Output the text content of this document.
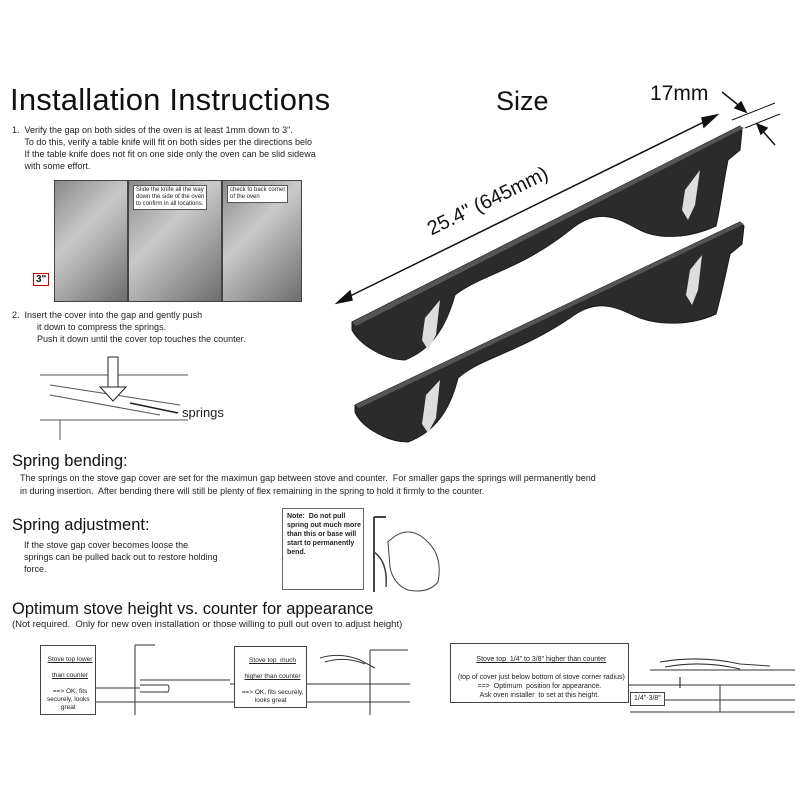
Installation Instructions	Size	17mm
25.4" (645mm)
1.  Verify the gap on both sides of the oven is at least 1mm down to 3".
To do this, verify a table knife will fit on both sides per the directions belo
If the table knife does not fit on one side only the oven can be slid sidewa
with some effort.
3"
Slide the knife all the way
down the side of the oven
to confirm in all locations.
check to back corner
of the oven
2.  Insert the cover into the gap and gently push
it down to compress the springs.
Push it down until the cover top touches the counter.
springs
Spring bending:
The springs on the stove gap cover are set for the maximun gap between stove and counter.  For smaller gaps the springs will permanently bend
in during insertion.  After bending there will still be plenty of flex remaining in the spring to hold it firmly to the counter.
Spring adjustment:
If the stove gap cover becomes loose the
springs can be pulled back out to restore holding
force.
Note:  Do not pull
spring out much more
than this or base will
start to permanently
bend.
Optimum stove height vs. counter for appearance
(Not required.  Only for new oven installation or those willing to pull out oven to adjust height)

Stove top lower

than counter

==> OK, fits
securely, looks
great

Stove top  much

higher than counter

==> OK, fits securely,
looks great

Stove top  1/4" to 3/8" higher than counter

(top of cover just below bottom of stove corner radius)
==>  Optimum  position for appearance.
Ask oven installer  to set at this height.	1/4"-3/8"
